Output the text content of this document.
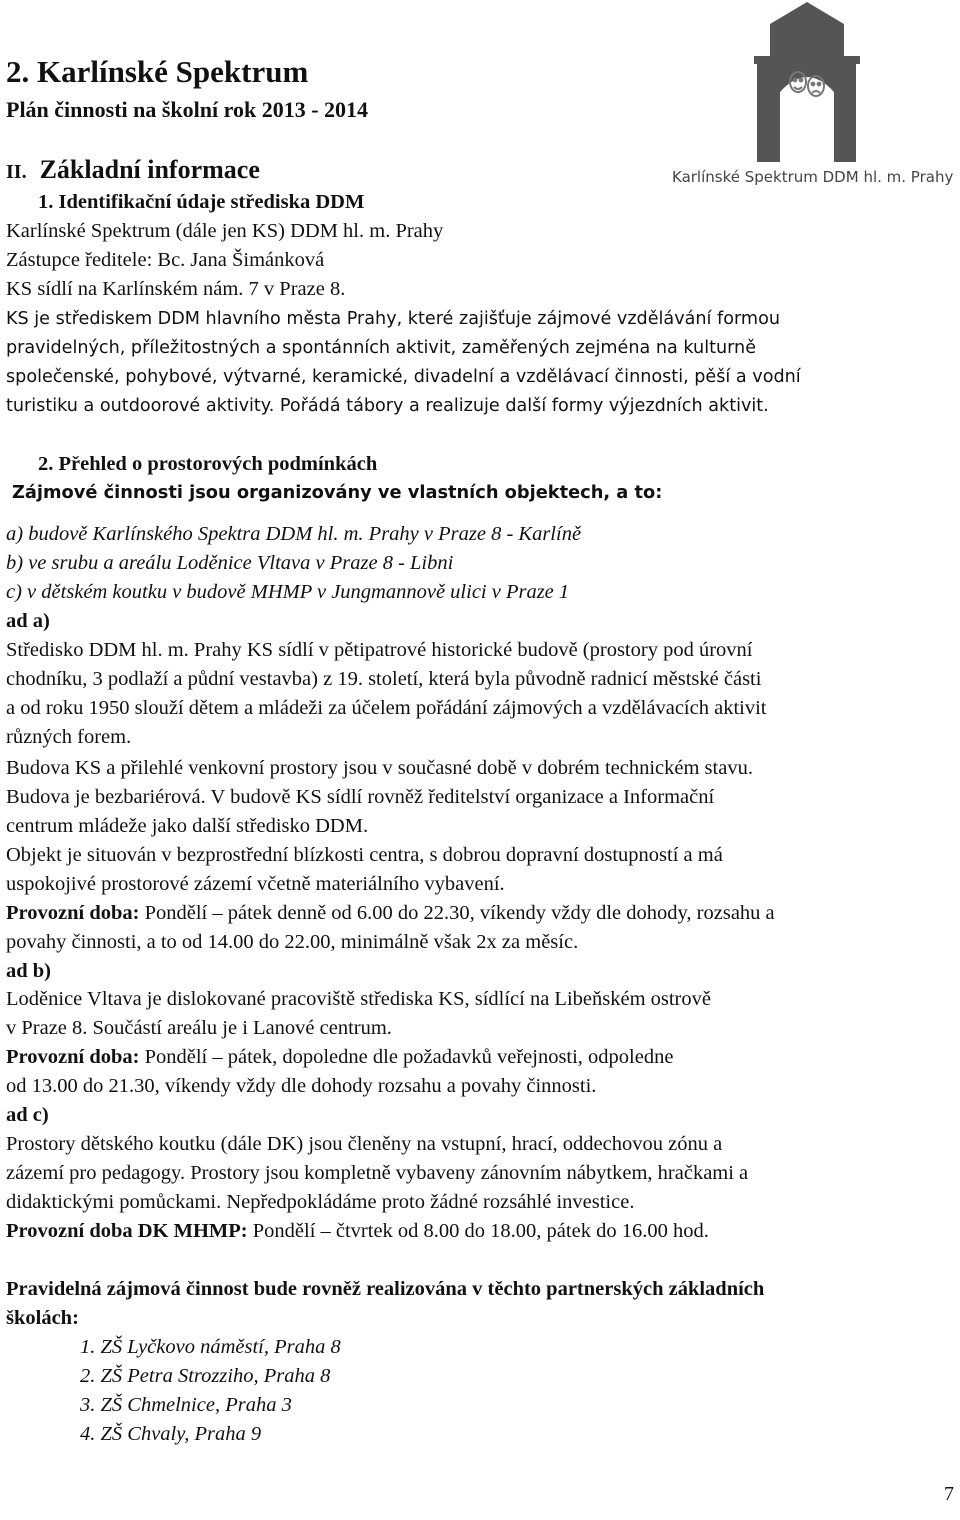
Karlínské Spektrum DDM hl. m. Prahy
2. Karlínské Spektrum
Plán činnosti na školní rok 2013 - 2014
II. Základní informace
1. Identifikační údaje střediska DDM
Karlínské Spektrum (dále jen KS) DDM hl. m. Prahy
Zástupce ředitele: Bc. Jana Šimánková
KS sídlí na Karlínském nám. 7 v Praze 8.
KS je střediskem DDM hlavního města Prahy, které zajišťuje zájmové vzdělávání formou
pravidelných, příležitostných a spontánních aktivit, zaměřených zejména na kulturně
společenské, pohybové, výtvarné, keramické, divadelní a vzdělávací činnosti, pěší a vodní
turistiku a outdoorové aktivity. Pořádá tábory a realizuje další formy výjezdních aktivit.
2. Přehled o prostorových podmínkách
Zájmové činnosti jsou organizovány ve vlastních objektech, a to:
a) budově Karlínského Spektra DDM hl. m. Prahy v Praze 8 - Karlíně
b) ve srubu a areálu Loděnice Vltava v Praze 8 - Libni
c) v dětském koutku v budově MHMP v Jungmannově ulici v Praze 1
ad a)
Středisko DDM hl. m. Prahy KS sídlí v pětipatrové historické budově (prostory pod úrovní
chodníku, 3 podlaží a půdní vestavba) z 19. století, která byla původně radnicí městské části
a od roku 1950 slouží dětem a mládeži za účelem pořádání zájmových a vzdělávacích aktivit
různých forem.
Budova KS a přilehlé venkovní prostory jsou v současné době v dobrém technickém stavu.
Budova je bezbariérová. V budově KS sídlí rovněž ředitelství organizace a Informační
centrum mládeže jako další středisko DDM.
Objekt je situován v bezprostřední blízkosti centra, s dobrou dopravní dostupností a má
uspokojivé prostorové zázemí včetně materiálního vybavení.
Provozní doba: Pondělí – pátek denně od 6.00 do 22.30, víkendy vždy dle dohody, rozsahu a
povahy činnosti, a to od 14.00 do 22.00, minimálně však 2x za měsíc.
ad b)
Loděnice Vltava je dislokované pracoviště střediska KS, sídlící na Libeňském ostrově
v Praze 8. Součástí areálu je i Lanové centrum.
Provozní doba: Pondělí – pátek, dopoledne dle požadavků veřejnosti, odpoledne
od 13.00 do 21.30, víkendy vždy dle dohody rozsahu a povahy činnosti.
ad c)
Prostory dětského koutku (dále DK) jsou členěny na vstupní, hrací, oddechovou zónu a
zázemí pro pedagogy. Prostory jsou kompletně vybaveny zánovním nábytkem, hračkami a
didaktickými pomůckami. Nepředpokládáme proto žádné rozsáhlé investice.
Provozní doba DK MHMP: Pondělí – čtvrtek od 8.00 do 18.00, pátek do 16.00 hod.
Pravidelná zájmová činnost bude rovněž realizována v těchto partnerských základních
školách:
1. ZŠ Lyčkovo náměstí, Praha 8
2. ZŠ Petra Strozziho, Praha 8
3. ZŠ Chmelnice, Praha 3
4. ZŠ Chvaly, Praha 9
7
